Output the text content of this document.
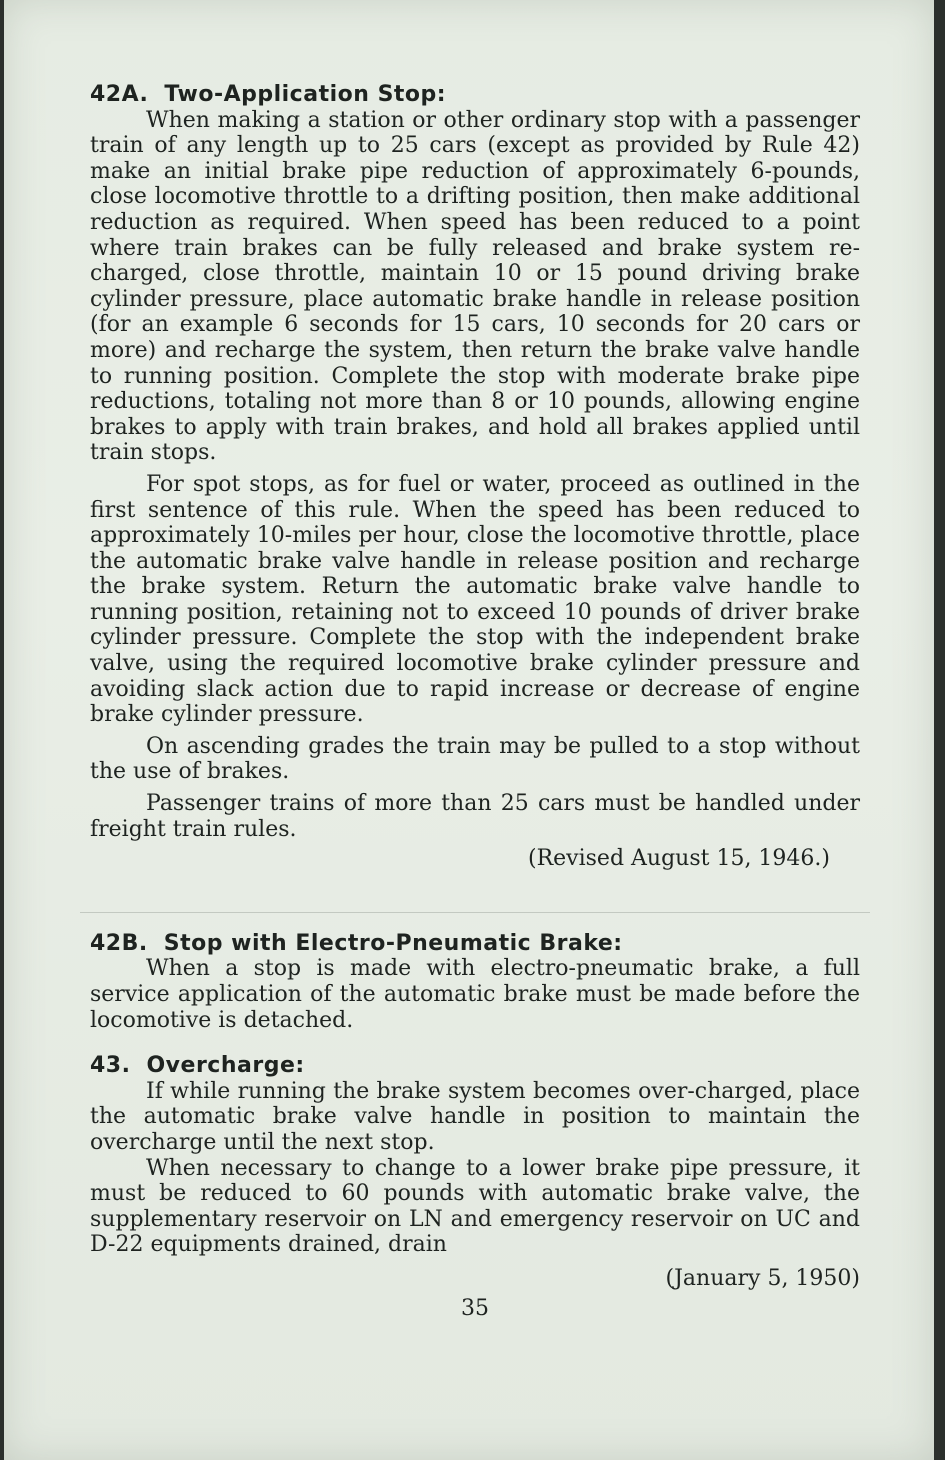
42A. Two-Application Stop:

When making a station or other ordinary stop with a passenger train of any length up to 25 cars (except as provided by Rule 42) make an initial brake pipe reduction of approximately 6-pounds, close locomotive throttle to a drifting position, then make additional reduction as required. When speed has been reduced to a point where train brakes can be fully released and brake system re-charged, close throttle, maintain 10 or 15 pound driving brake cylinder pressure, place automatic brake handle in release position (for an example 6 seconds for 15 cars, 10 seconds for 20 cars or more) and recharge the system, then return the brake valve handle to running position. Complete the stop with moderate brake pipe reductions, totaling not more than 8 or 10 pounds, allowing engine brakes to apply with train brakes, and hold all brakes applied until train stops.

For spot stops, as for fuel or water, proceed as outlined in the first sentence of this rule. When the speed has been reduced to approximately 10-miles per hour, close the locomotive throttle, place the automatic brake valve handle in release position and recharge the brake system. Return the automatic brake valve handle to running position, retaining not to exceed 10 pounds of driver brake cylinder pressure. Complete the stop with the independent brake valve, using the required locomotive brake cylinder pressure and avoiding slack action due to rapid increase or decrease of engine brake cylinder pressure.

On ascending grades the train may be pulled to a stop without the use of brakes.

Passenger trains of more than 25 cars must be handled under freight train rules.

(Revised August 15, 1946.)
42B. Stop with Electro-Pneumatic Brake:

When a stop is made with electro-pneumatic brake, a full service application of the automatic brake must be made before the locomotive is detached.

43. Overcharge:

If while running the brake system becomes over-charged, place the automatic brake valve handle in position to maintain the overcharge until the next stop.

When necessary to change to a lower brake pipe pressure, it must be reduced to 60 pounds with automatic brake valve, the supplementary reservoir on LN and emergency reservoir on UC and D-22 equipments drained, drain

(January 5, 1950)
35
